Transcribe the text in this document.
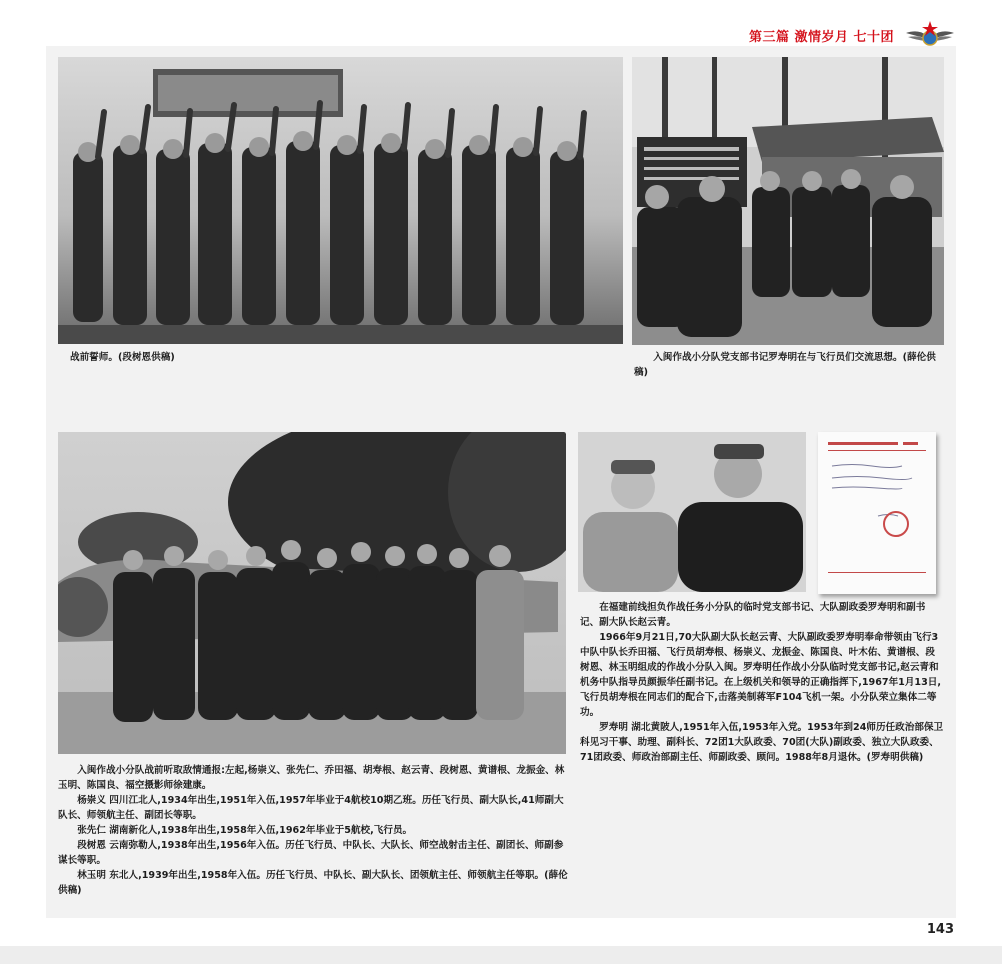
第三篇 激情岁月 七十团

战前誓师。(段树恩供稿)	入闽作战小分队党支部书记罗寿明在与飞行员们交流思想。(薛伦供稿)

在福建前线担负作战任务小分队的临时党支部书记、大队副政委罗寿明和副书记、副大队长赵云青。

1966年9月21日,70大队副大队长赵云青、大队副政委罗寿明奉命带领由飞行3中队中队长乔田福、飞行员胡寿根、杨崇义、龙振金、陈国良、叶木佑、黄谱根、段树恩、林玉明组成的作战小分队入闽。罗寿明任作战小分队临时党支部书记,赵云青和机务中队指导员颜振华任副书记。在上级机关和领导的正确指挥下,1967年1月13日,飞行员胡寿根在同志们的配合下,击落美制蒋军F104飞机一架。小分队荣立集体二等功。

罗寿明 湖北黄陂人,1951年入伍,1953年入党。1953年到24师历任政治部保卫科见习干事、助理、副科长、72团1大队政委、70团(大队)副政委、独立大队政委、71团政委、师政治部副主任、师副政委、顾问。1988年8月退休。(罗寿明供稿)

入闽作战小分队战前听取敌情通报:左起,杨崇义、张先仁、乔田福、胡寿根、赵云青、段树恩、黄谱根、龙振金、林玉明、陈国良、福空摄影师徐建康。

杨崇义 四川江北人,1934年出生,1951年入伍,1957年毕业于4航校10期乙班。历任飞行员、副大队长,41师副大队长、师领航主任、副团长等职。

张先仁 湖南新化人,1938年出生,1958年入伍,1962年毕业于5航校,飞行员。

段树恩 云南弥勒人,1938年出生,1956年入伍。历任飞行员、中队长、大队长、师空战射击主任、副团长、师副参谋长等职。

林玉明 东北人,1939年出生,1958年入伍。历任飞行员、中队长、副大队长、团领航主任、师领航主任等职。(薛伦供稿)

143
